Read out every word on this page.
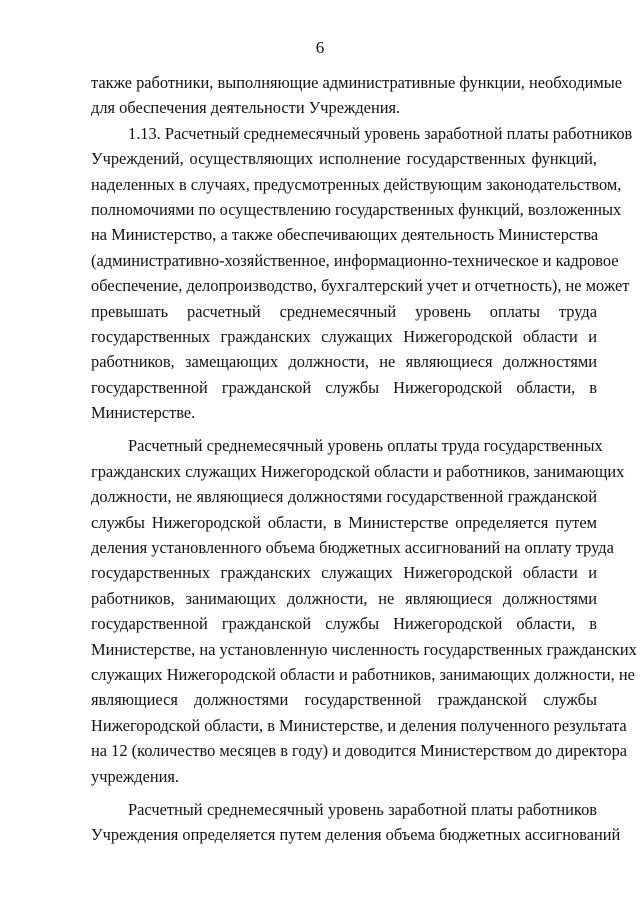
6
также работники, выполняющие административные функции, необходимые
для обеспечения деятельности Учреждения.
1.13. Расчетный среднемесячный уровень заработной платы работников
Учреждений, осуществляющих исполнение государственных функций,
наделенных в случаях, предусмотренных действующим законодательством,
полномочиями по осуществлению государственных функций, возложенных
на Министерство, а также обеспечивающих деятельность Министерства
(административно-хозяйственное, информационно-техническое и кадровое
обеспечение, делопроизводство, бухгалтерский учет и отчетность), не может
превышать расчетный среднемесячный уровень оплаты труда
государственных гражданских служащих Нижегородской области и
работников, замещающих должности, не являющиеся должностями
государственной гражданской службы Нижегородской области, в
Министерстве.
Расчетный среднемесячный уровень оплаты труда государственных
гражданских служащих Нижегородской области и работников, занимающих
должности, не являющиеся должностями государственной гражданской
службы Нижегородской области, в Министерстве определяется путем
деления установленного объема бюджетных ассигнований на оплату труда
государственных гражданских служащих Нижегородской области и
работников, занимающих должности, не являющиеся должностями
государственной гражданской службы Нижегородской области, в
Министерстве, на установленную численность государственных гражданских
служащих Нижегородской области и работников, занимающих должности, не
являющиеся должностями государственной гражданской службы
Нижегородской области, в Министерстве, и деления полученного результата
на 12 (количество месяцев в году) и доводится Министерством до директора
учреждения.
Расчетный среднемесячный уровень заработной платы работников
Учреждения определяется путем деления объема бюджетных ассигнований
